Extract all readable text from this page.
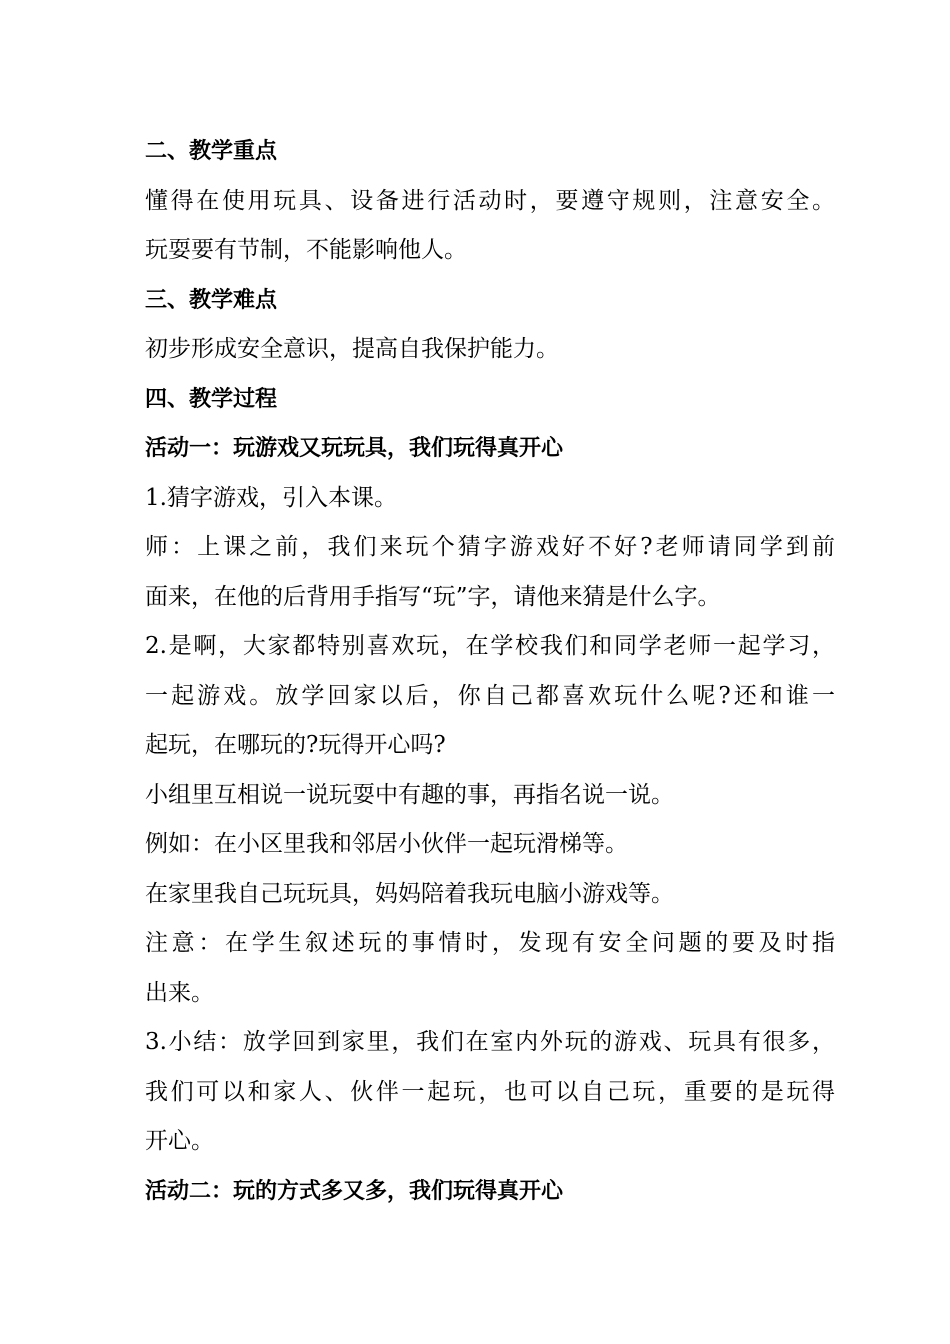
二、教学重点
懂得在使用玩具、设备进行活动时，要遵守规则，注意安全。
玩耍要有节制，不能影响他人。
三、教学难点
初步形成安全意识，提高自我保护能力。
四、教学过程
活动一：玩游戏又玩玩具，我们玩得真开心
1.猜字游戏，引入本课。
师：上课之前，我们来玩个猜字游戏好不好?老师请同学到前
面来，在他的后背用手指写“玩”字，请他来猜是什么字。
2.是啊，大家都特别喜欢玩，在学校我们和同学老师一起学习，
一起游戏。放学回家以后，你自己都喜欢玩什么呢?还和谁一
起玩，在哪玩的?玩得开心吗?
小组里互相说一说玩耍中有趣的事，再指名说一说。
例如：在小区里我和邻居小伙伴一起玩滑梯等。
在家里我自己玩玩具，妈妈陪着我玩电脑小游戏等。
注意：在学生叙述玩的事情时，发现有安全问题的要及时指
出来。
3.小结：放学回到家里，我们在室内外玩的游戏、玩具有很多，
我们可以和家人、伙伴一起玩，也可以自己玩，重要的是玩得
开心。
活动二：玩的方式多又多，我们玩得真开心
